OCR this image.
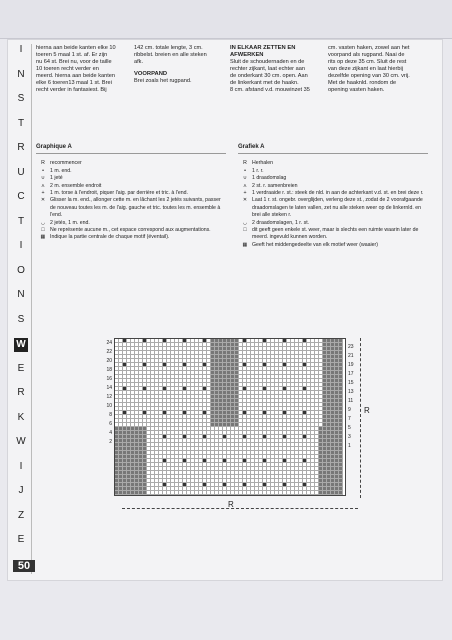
I
N
S
T
R
U
C
T
I
O
N
S
W
E
R
K
W
I
J
Z
E
50

hierna aan beide kanten elke 10

toeren 5 maal 1 st. af. Er zijn

nu 64 st. Brei nu, voor de taille

10 toeren recht verder en

meerd. hierna aan beide kanten

elke 6 toeren13 maal 1 st. Brei

recht verder in fantasiest. Bij

142 cm. totale lengte, 3 cm.

ribbelst. breien en alle steken

afk.

VOORPAND

Brei zoals het rugpand.

IN ELKAAR ZETTEN EN
AFWERKEN

Sluit de schoudernaden en de

rechter zijkant, laat echter aan

de onderkant 30 cm. open. Aan

de linkerkant met de haakn.

8 cm. afstand v.d. mouwinzet 35

cm. vasten haken, zowel aan het

voorpand als rugpand. Naai de

rits op deze 35 cm. Sluit de rest

van deze zijkant en laat hierbij

dezelfde opening van 30 cm. vrij.

Met de haaknld. rondom de

opening vasten haken.

Graphique A
R recommencer
•	1 m. end.
∪ 1 jeté
⋏ 2 m. ensemble endroit
+	1 m. torse à l'endroit, piquer l'aig. par derrière et tric. à l'end.
✕ Glisser la m. end., allonger cette m. en lâchant les 2 jetés suivants, passer de nouveau toutes les m. de l'aig. gauche et tric. toutes les m. ensemble à l'end.
◡ 2 jetés, 1 m. end.
□	Ne représente aucune m., cet espace correspond aux augmentations.
▦ Indique la partie centrale de chaque motif (éventail).
Grafiek A
R Herhalen
•	1 r. r.
∪ 1 draadomslag
⋏ 2 st. r. samenbreien
+	1 verdraaide r. st.: steek de nld. in aan de achterkant v.d. st. en brei deze r.
✕ Laat 1 r. st. ongebr. overglijden, verleng deze st., zodat de 2 voorafgaande draadomslagen te laten vallen, zet nu alle steken weer op de linkernld. en brei alle steken r.
◡ 2 draadomslagen, 1 r. st.
□	dit geeft geen enkele st. weer, maar is slechts een ruimte waarin later de meerd. ingevuld kunnen worden.
▦ Geeft het middengedeelte van elk motief weer (waaier)
R
R
24
22
20
18
16
14
12
10
8
6
4
2
23
21
19
17
15
13
11
9
7
5
3
1
